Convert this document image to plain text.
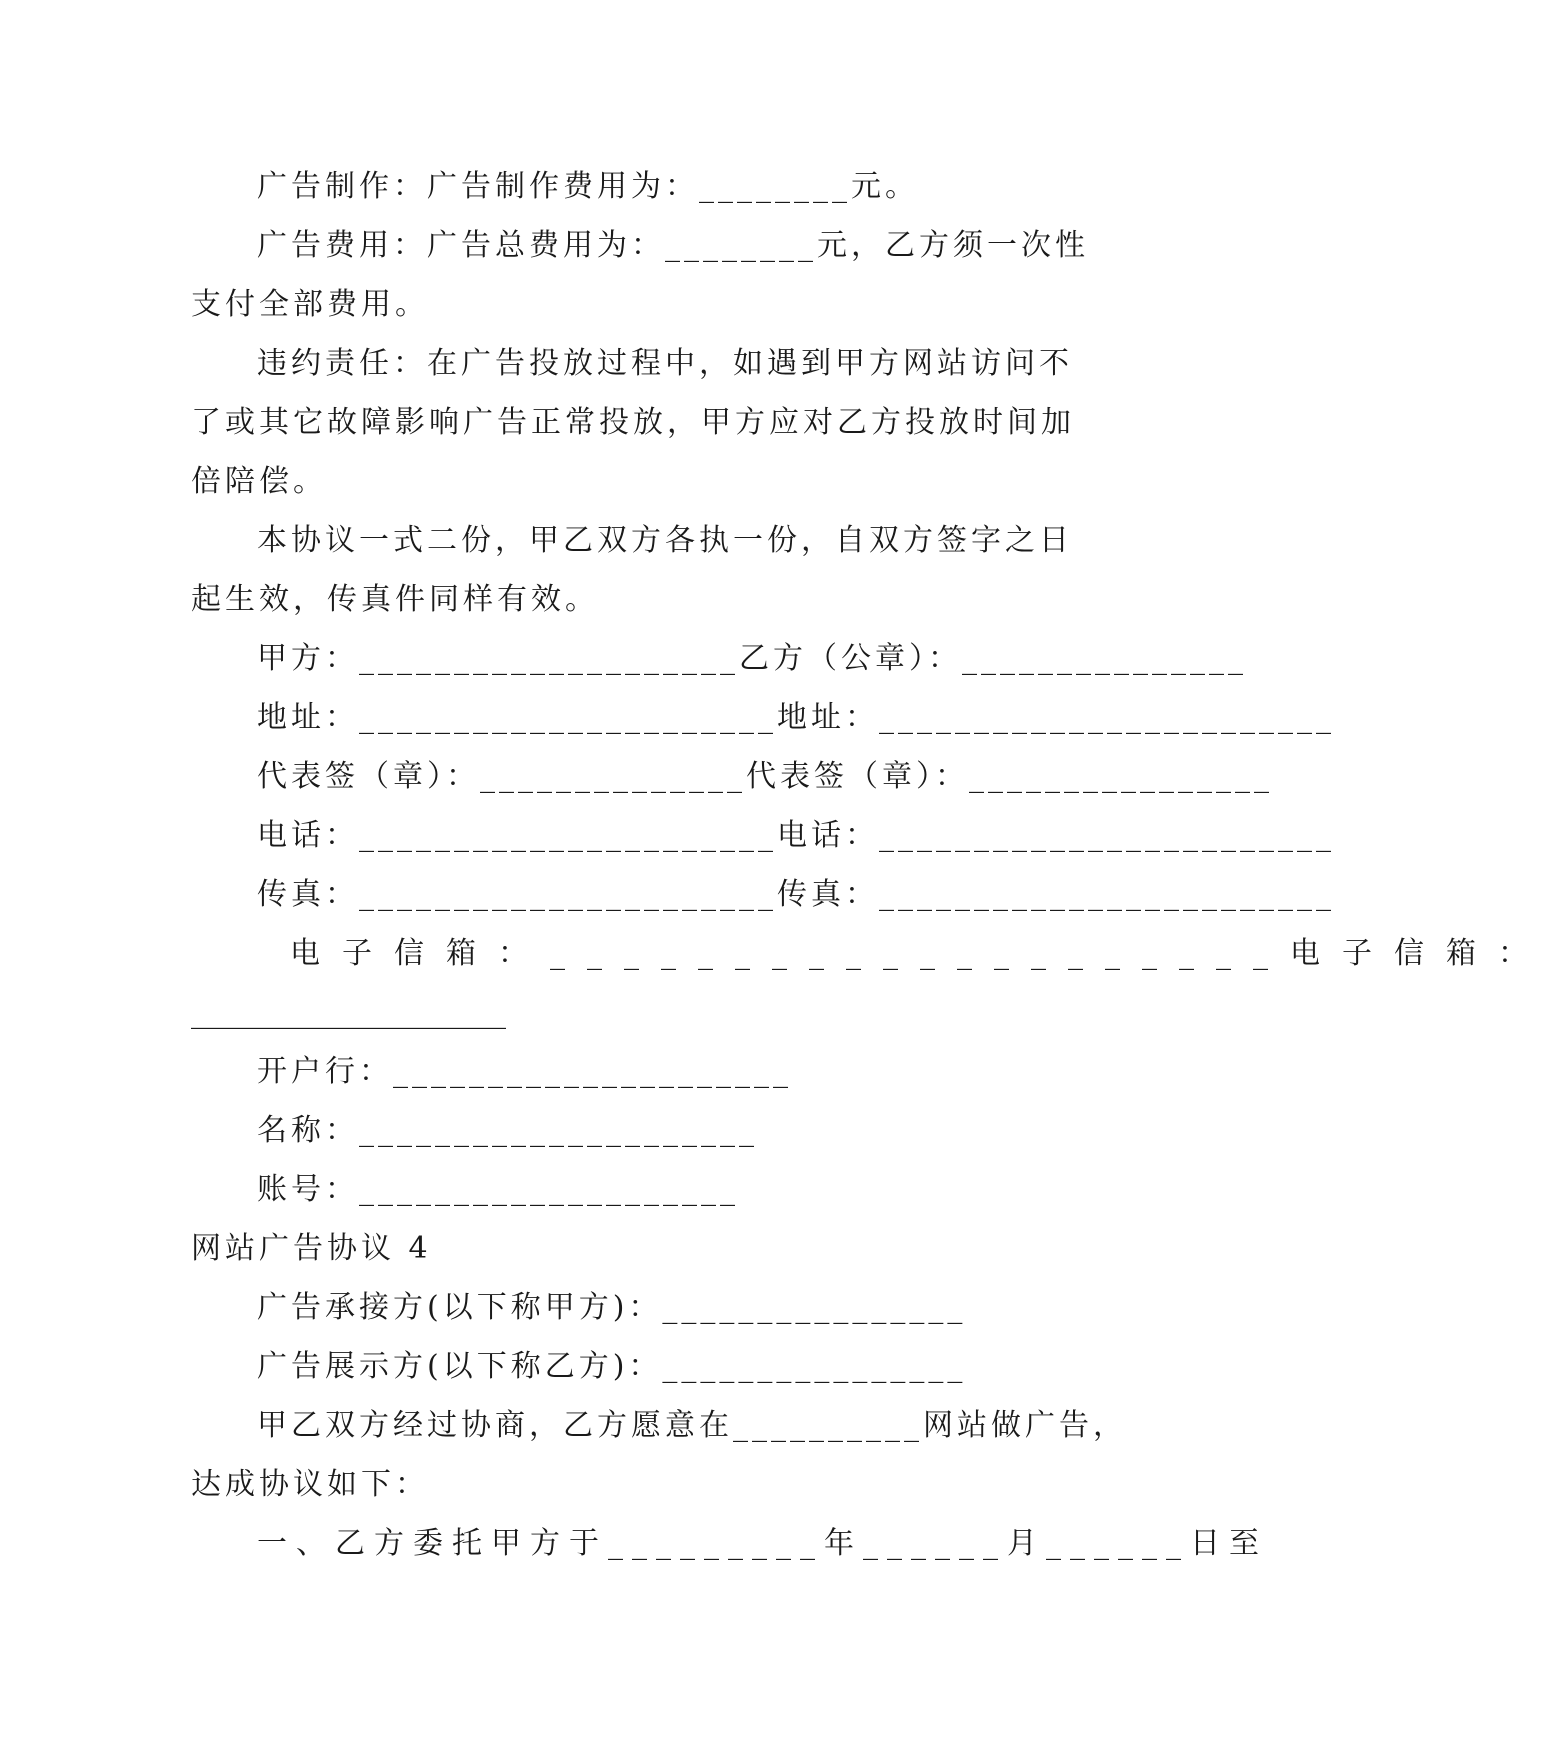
广告制作：广告制作费用为：________元。
广告费用：广告总费用为：________元，乙方须一次性
支付全部费用。
违约责任：在广告投放过程中，如遇到甲方网站访问不
了或其它故障影响广告正常投放，甲方应对乙方投放时间加
倍陪偿。
本协议一式二份，甲乙双方各执一份，自双方签字之日
起生效，传真件同样有效。
甲方：____________________乙方（公章）：_______________
地址：______________________地址：________________________
代表签（章）：______________代表签（章）：________________
电话：______________________电话：________________________
传真：______________________传真：________________________
电子信箱：____________________电子信箱：
_____________________
开户行：_____________________
名称：_____________________
账号：____________________
网站广告协议 4
广告承接方(以下称甲方)：________________
广告展示方(以下称乙方)：________________
甲乙双方经过协商，乙方愿意在__________网站做广告，
达成协议如下：
一、乙方委托甲方于_________年______月______日至
